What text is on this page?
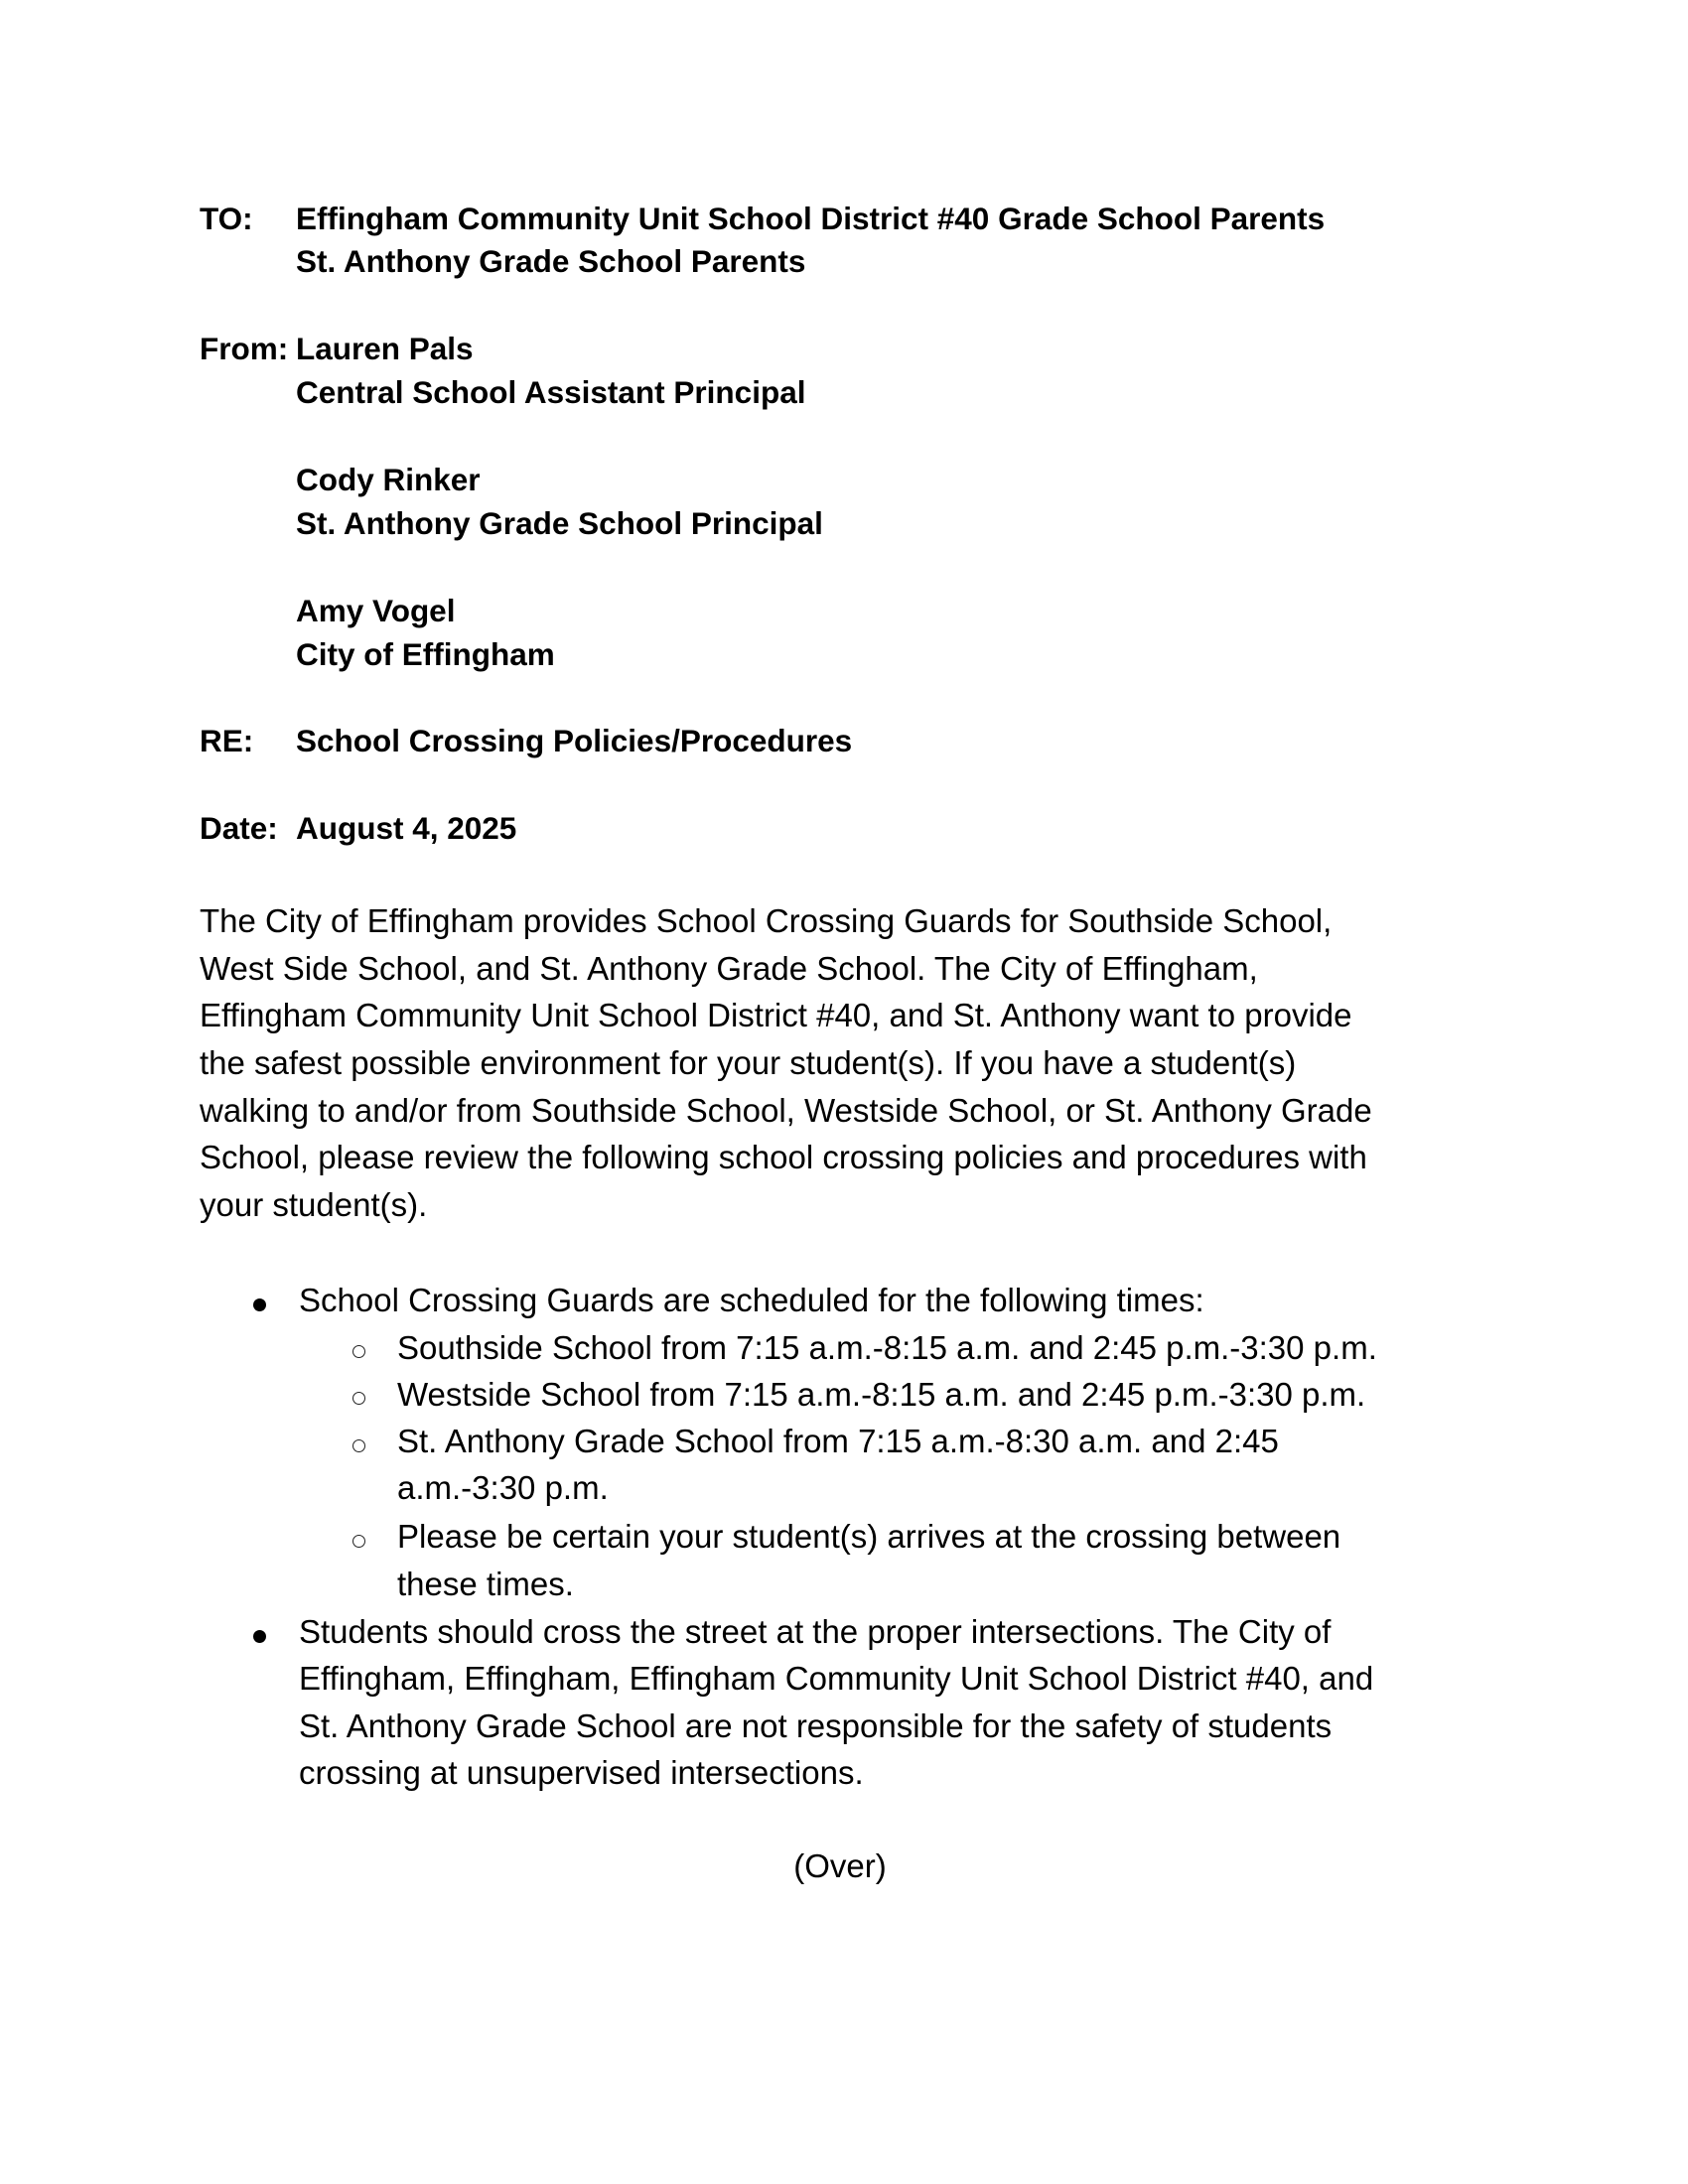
TO: Effingham Community Unit School District #40 Grade School Parents
St. Anthony Grade School Parents
From: Lauren Pals
Central School Assistant Principal
Cody Rinker
St. Anthony Grade School Principal
Amy Vogel
City of Effingham
RE: School Crossing Policies/Procedures
Date: August 4, 2025
The City of Effingham provides School Crossing Guards for Southside School,
West Side School, and St. Anthony Grade School. The City of Effingham,
Effingham Community Unit School District #40, and St. Anthony want to provide
the safest possible environment for your student(s). If you have a student(s)
walking to and/or from Southside School, Westside School, or St. Anthony Grade
School, please review the following school crossing policies and procedures with
your student(s).
School Crossing Guards are scheduled for the following times:
Southside School from 7:15 a.m.-8:15 a.m. and 2:45 p.m.-3:30 p.m.
Westside School from 7:15 a.m.-8:15 a.m. and 2:45 p.m.-3:30 p.m.
St. Anthony Grade School from 7:15 a.m.-8:30 a.m. and 2:45
a.m.-3:30 p.m.
Please be certain your student(s) arrives at the crossing between
these times.
Students should cross the street at the proper intersections. The City of
Effingham, Effingham, Effingham Community Unit School District #40, and
St. Anthony Grade School are not responsible for the safety of students
crossing at unsupervised intersections.
(Over)
